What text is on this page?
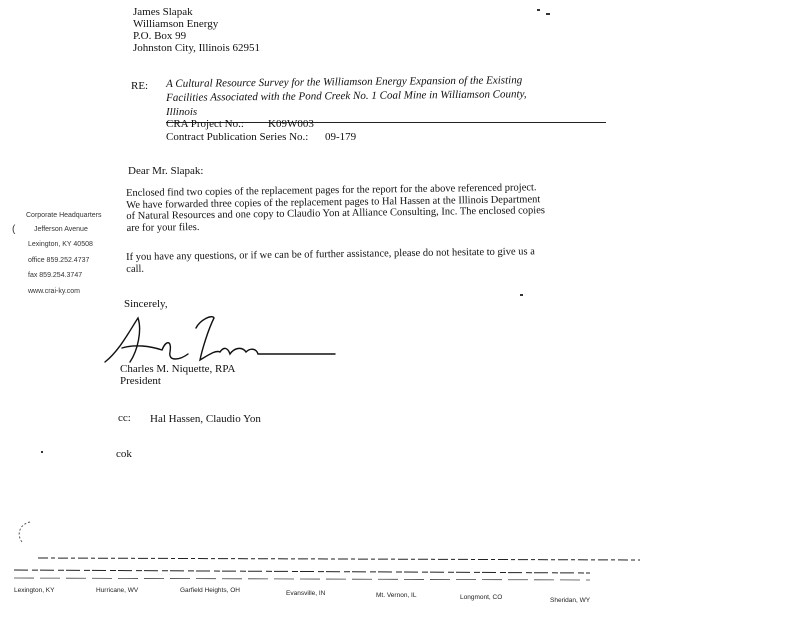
James Slapak
Williamson Energy
P.O. Box 99
Johnston City, Illinois 62951
RE: A Cultural Resource Survey for the Williamson Energy Expansion of the Existing
Facilities Associated with the Pond Creek No. 1 Coal Mine in Williamson County,
Illinois
CRA Project No.: K09W003
Contract Publication Series No.: 09-179
Dear Mr. Slapak:
Enclosed find two copies of the replacement pages for the report for the above referenced project. We have forwarded three copies of the replacement pages to Hal Hassen at the Illinois Department of Natural Resources and one copy to Claudio Yon at Alliance Consulting, Inc. The enclosed copies are for your files.
If you have any questions, or if we can be of further assistance, please do not hesitate to give us a call.
Corporate Headquarters
Jefferson Avenue
Lexington, KY 40508
office 859.252.4737
fax 859.254.3747
www.crai-ky.com
(
Sincerely,
Charles M. Niquette, RPA
President
cc: Hal Hassen, Claudio Yon
cok
Lexington, KY	Hurricane, WV	Garfield Heights, OH	Evansville, IN	Mt. Vernon, IL	Longmont, CO	Sheridan, WY
